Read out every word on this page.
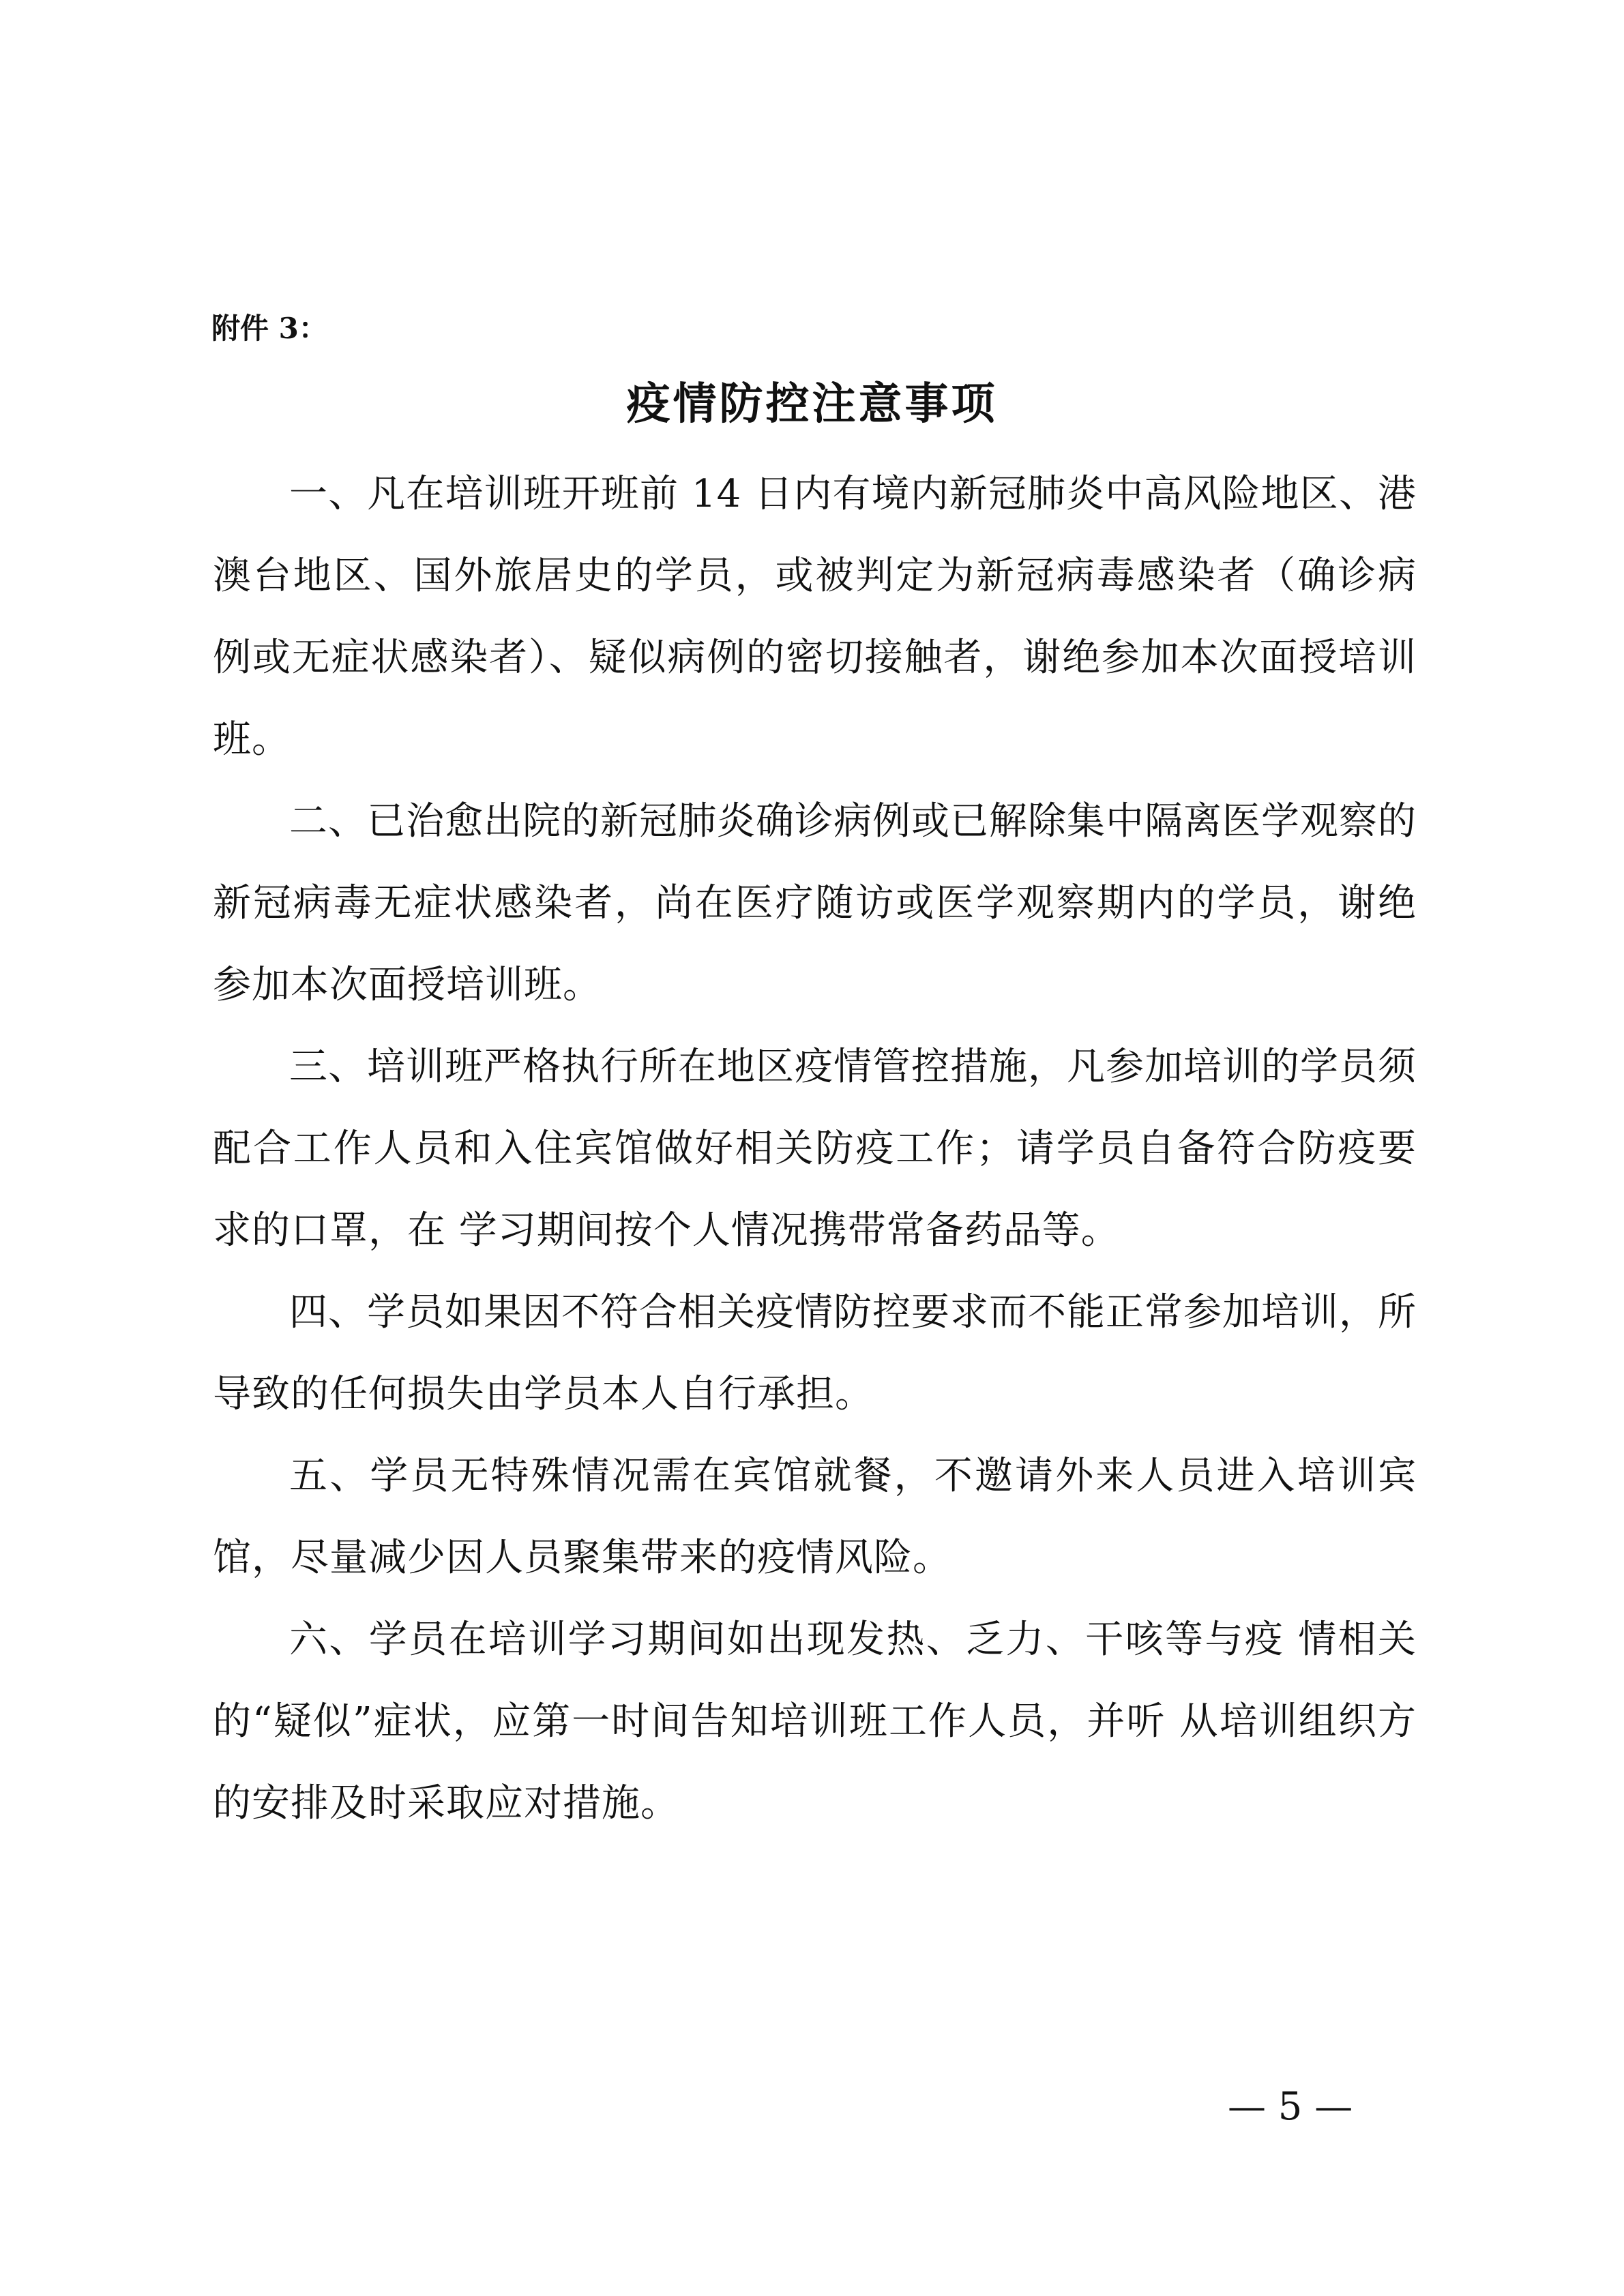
附件 3：
疫情防控注意事项

一、凡在培训班开班前 14 日内有境内新冠肺炎中高风险地区、港澳台地区、国外旅居史的学员，或被判定为新冠病毒感染者（确诊病例或无症状感染者）、疑似病例的密切接触者，谢绝参加本次面授培训班。

二、已治愈出院的新冠肺炎确诊病例或已解除集中隔离医学观察的新冠病毒无症状感染者，尚在医疗随访或医学观察期内的学员，谢绝参加本次面授培训班。

三、培训班严格执行所在地区疫情管控措施，凡参加培训的学员须配合工作人员和入住宾馆做好相关防疫工作；请学员自备符合防疫要求的口罩，在 学习期间按个人情况携带常备药品等。

四、学员如果因不符合相关疫情防控要求而不能正常参加培训，所导致的任何损失由学员本人自行承担。

五、学员无特殊情况需在宾馆就餐，不邀请外来人员进入培训宾馆，尽量减少因人员聚集带来的疫情风险。

六、学员在培训学习期间如出现发热、乏力、干咳等与疫 情相关的“疑似”症状，应第一时间告知培训班工作人员，并听 从培训组织方的安排及时采取应对措施。

— 5 —
